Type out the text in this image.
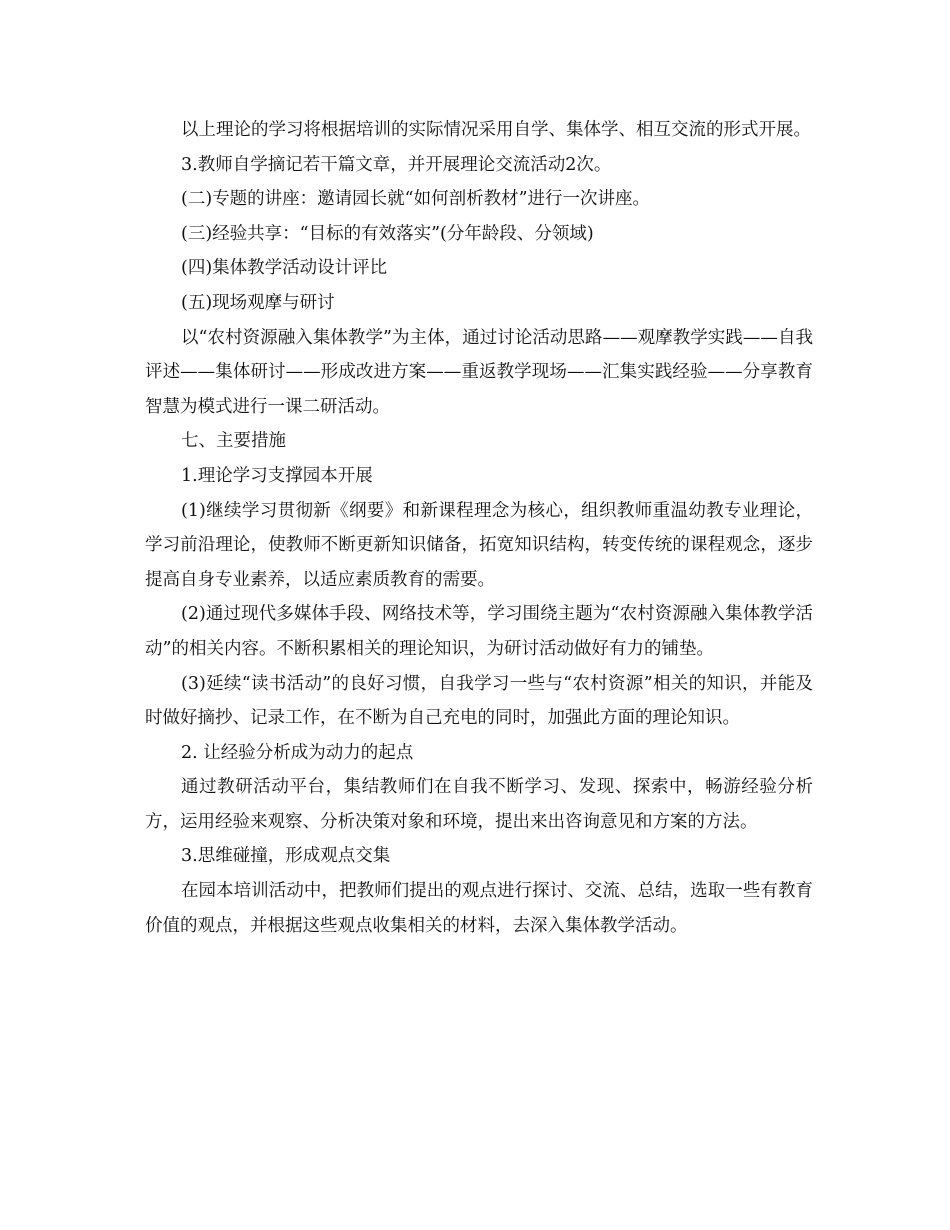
以上理论的学习将根据培训的实际情况采用自学、集体学、相互交流的形式开展。

3.教师自学摘记若干篇文章，并开展理论交流活动2次。

(二)专题的讲座：邀请园长就“如何剖析教材”进行一次讲座。

(三)经验共享：“目标的有效落实”(分年龄段、分领域)

(四)集体教学活动设计评比

(五)现场观摩与研讨

以“农村资源融入集体教学”为主体，通过讨论活动思路——观摩教学实践——自我评述——集体研讨——形成改进方案——重返教学现场——汇集实践经验——分享教育智慧为模式进行一课二研活动。

七、主要措施

1.理论学习支撑园本开展

(1)继续学习贯彻新《纲要》和新课程理念为核心，组织教师重温幼教专业理论，学习前沿理论，使教师不断更新知识储备，拓宽知识结构，转变传统的课程观念，逐步提高自身专业素养，以适应素质教育的需要。

(2)通过现代多媒体手段、网络技术等，学习围绕主题为“农村资源融入集体教学活动”的相关内容。不断积累相关的理论知识，为研讨活动做好有力的铺垫。

(3)延续“读书活动”的良好习惯，自我学习一些与“农村资源”相关的知识，并能及时做好摘抄、记录工作，在不断为自己充电的同时，加强此方面的理论知识。

2. 让经验分析成为动力的起点

通过教研活动平台，集结教师们在自我不断学习、发现、探索中，畅游经验分析方，运用经验来观察、分析决策对象和环境，提出来出咨询意见和方案的方法。

3.思维碰撞，形成观点交集

在园本培训活动中，把教师们提出的观点进行探讨、交流、总结，选取一些有教育价值的观点，并根据这些观点收集相关的材料，去深入集体教学活动。
